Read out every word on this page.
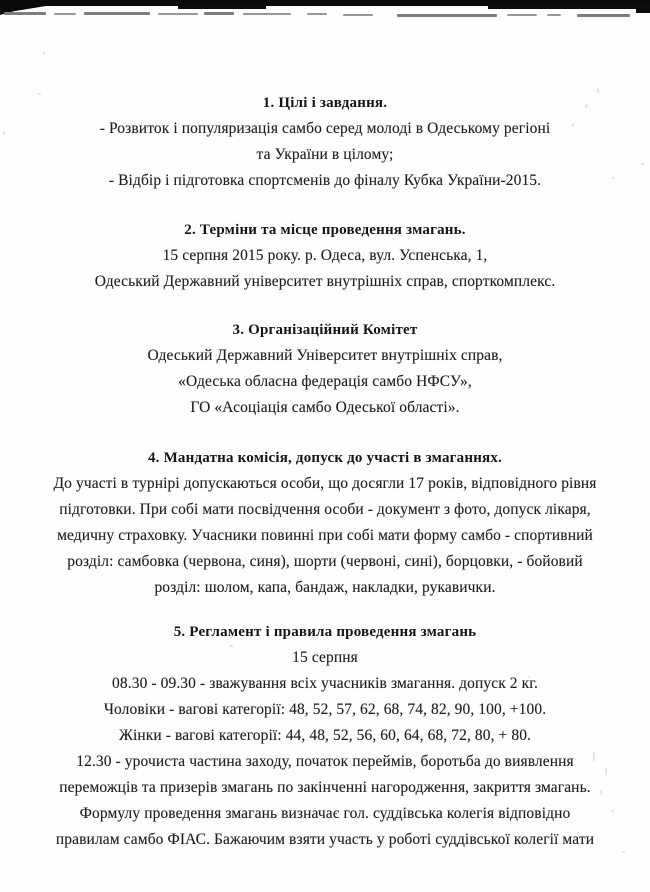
1. Цілі і завдання.

- Розвиток і популяризація самбо серед молоді в Одеському регіоні

та України в цілому;

- Відбір і підготовка спортсменів до фіналу Кубка України-2015.

2. Терміни та місце проведення змагань.

15 серпня 2015 року. р. Одеса, вул. Успенська, 1,

Одеський Державний університет внутрішніх справ, спорткомплекс.

3. Організаційний Комітет

Одеський Державний Університет внутрішніх справ,

«Одеська обласна федерація самбо НФСУ»,

ГО «Асоціація самбо Одеської області».

4. Мандатна комісія, допуск до участі в змаганнях.

До участі в турнірі допускаються особи, що досягли 17 років, відповідного рівня

підготовки. При собі мати посвідчення особи - документ з фото, допуск лікаря,

медичну страховку. Учасники повинні при собі мати форму самбо - спортивний

розділ: самбовка (червона, синя), шорти (червоні, сині), борцовки, - бойовий

розділ: шолом, капа, бандаж, накладки, рукавички.

5. Регламент і правила проведення змагань

15 серпня

08.30 - 09.30 - зважування всіх учасників змагання. допуск 2 кг.

Чоловіки - вагові категорії: 48, 52, 57, 62, 68, 74, 82, 90, 100, +100.

Жінки - вагові категорії: 44, 48, 52, 56, 60, 64, 68, 72, 80, + 80.

12.30 - урочиста частина заходу, початок переймів, боротьба до виявлення

переможців та призерів змагань по закінченні нагородження, закриття змагань.

Формулу проведення змагань визначає гол. суддівська колегія відповідно

правилам самбо ФІАС. Бажаючим взяти участь у роботі суддівської колегії мати
